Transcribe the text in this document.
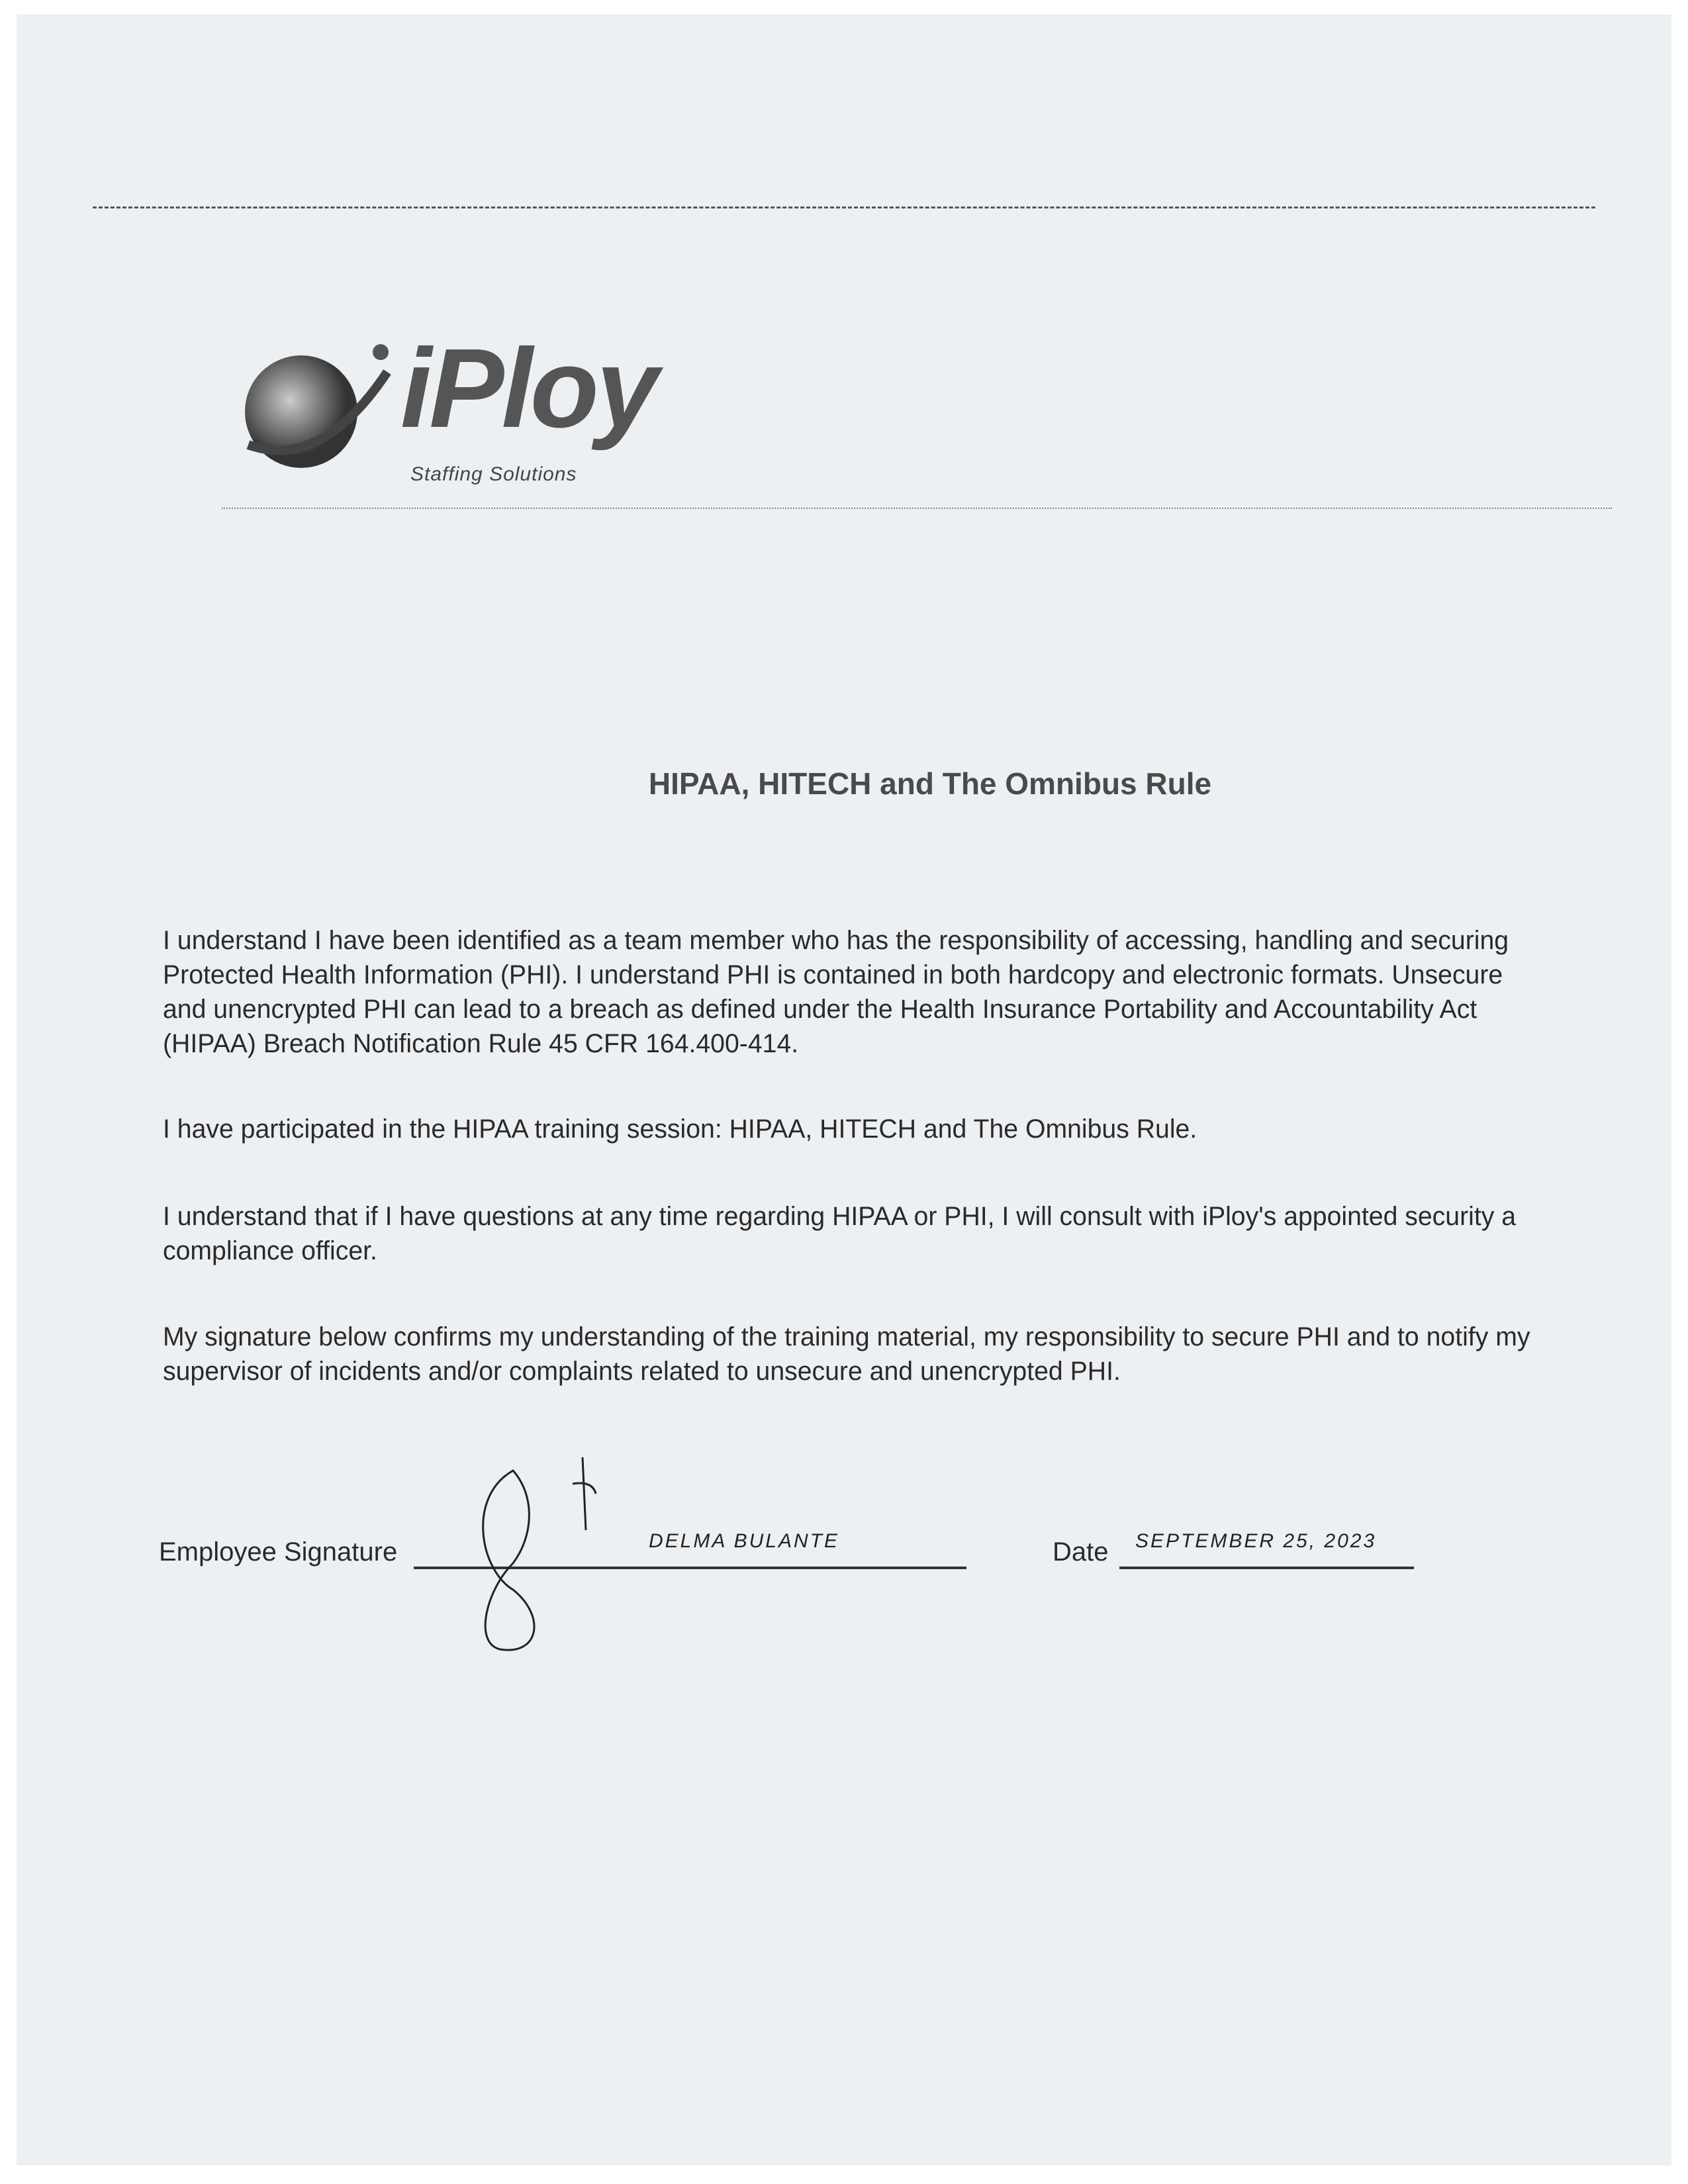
iPloy
Staffing Solutions
HIPAA, HITECH and The Omnibus Rule
I understand I have been identified as a team member who has the responsibility of accessing, handling and securing
Protected Health Information (PHI). I understand PHI is contained in both hardcopy and electronic formats. Unsecure
and unencrypted PHI can lead to a breach as defined under the Health Insurance Portability and Accountability Act
(HIPAA) Breach Notification Rule 45 CFR 164.400-414.
I have participated in the HIPAA training session: HIPAA, HITECH and The Omnibus Rule.
I understand that if I have questions at any time regarding HIPAA or PHI, I will consult with iPloy's appointed security a
compliance officer.
My signature below confirms my understanding of the training material, my responsibility to secure PHI and to notify my
supervisor of incidents and/or complaints related to unsecure and unencrypted PHI.
Employee Signature	DELMA BULANTE	Date SEPTEMBER 25, 2023
